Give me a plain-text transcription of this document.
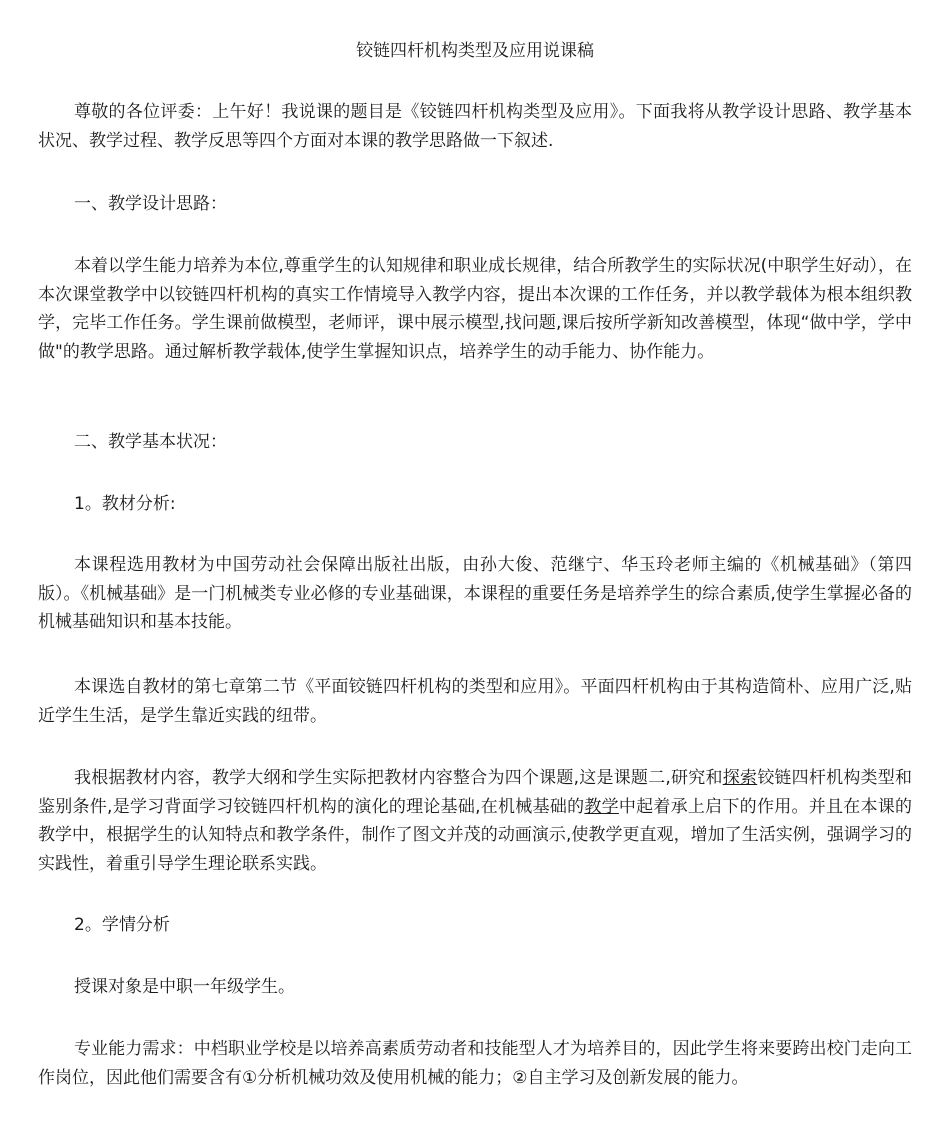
铰链四杆机构类型及应用说课稿

尊敬的各位评委：上午好！我说课的题目是《铰链四杆机构类型及应用》。下面我将从教学设计思路、教学基本状况、教学过程、教学反思等四个方面对本课的教学思路做一下叙述.

一、教学设计思路：

本着以学生能力培养为本位,尊重学生的认知规律和职业成长规律，结合所教学生的实际状况(中职学生好动），在本次课堂教学中以铰链四杆机构的真实工作情境导入教学内容，提出本次课的工作任务，并以教学载体为根本组织教学，完毕工作任务。学生课前做模型，老师评，课中展示模型,找问题,课后按所学新知改善模型，体现“做中学，学中做"的教学思路。通过解析教学载体,使学生掌握知识点，培养学生的动手能力、协作能力。

二、教学基本状况：

1。教材分析:

本课程选用教材为中国劳动社会保障出版社出版，由孙大俊、范继宁、华玉玲老师主编的《机械基础》（第四版）。《机械基础》是一门机械类专业必修的专业基础课，本课程的重要任务是培养学生的综合素质,使学生掌握必备的机械基础知识和基本技能。

本课选自教材的第七章第二节《平面铰链四杆机构的类型和应用》。平面四杆机构由于其构造简朴、应用广泛,贴近学生生活，是学生靠近实践的纽带。

我根据教材内容，教学大纲和学生实际把教材内容整合为四个课题,这是课题二,研究和探索铰链四杆机构类型和鉴别条件,是学习背面学习铰链四杆机构的演化的理论基础,在机械基础的教学中起着承上启下的作用。并且在本课的教学中，根据学生的认知特点和教学条件，制作了图文并茂的动画演示,使教学更直观，增加了生活实例，强调学习的实践性，着重引导学生理论联系实践。

2。学情分析

授课对象是中职一年级学生。

专业能力需求：中档职业学校是以培养高素质劳动者和技能型人才为培养目的，因此学生将来要跨出校门走向工作岗位，因此他们需要含有①分析机械功效及使用机械的能力；②自主学习及创新发展的能力。
